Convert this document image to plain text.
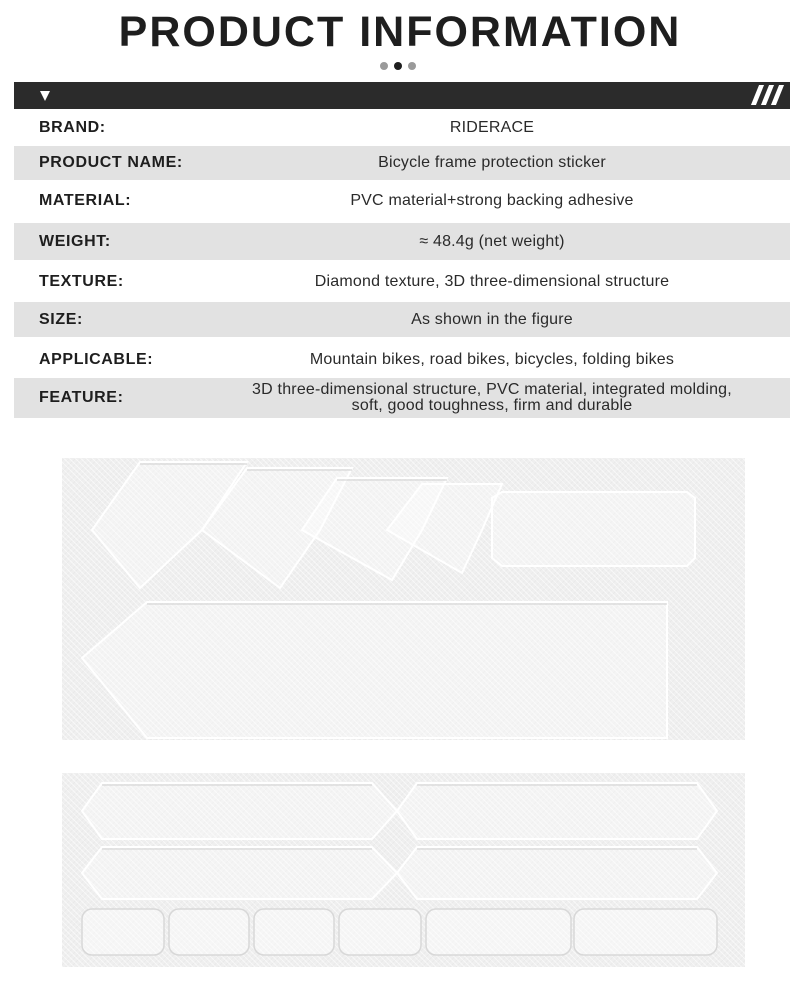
PRODUCT INFORMATION
BRAND:	RIDERACE
PRODUCT NAME:	Bicycle frame protection sticker
MATERIAL:	PVC material+strong backing adhesive
WEIGHT:	≈ 48.4g (net weight)
TEXTURE:	Diamond texture, 3D three-dimensional structure
SIZE:	As shown in the figure
APPLICABLE:	Mountain bikes, road bikes, bicycles, folding bikes
FEATURE:	3D three-dimensional structure, PVC material, integrated molding,
soft, good toughness, firm and durable
